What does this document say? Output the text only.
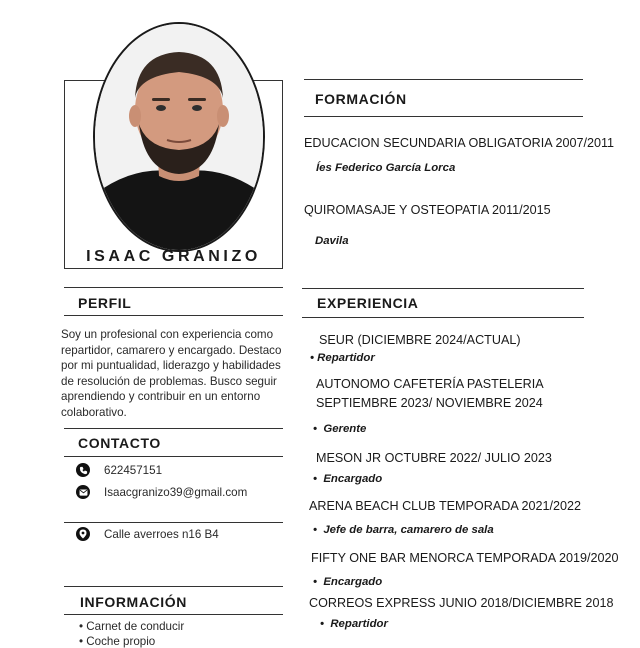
ISAAC GRANIZO
PERFIL
Soy un profesional con experiencia como repartidor, camarero y encargado. Destaco por mi puntualidad, liderazgo y habilidades de resolución de problemas. Busco seguir aprendiendo y contribuir en un entorno colaborativo.
CONTACTO
622457151
Isaacgranizo39@gmail.com
Calle averroes n16 B4
INFORMACIÓN
• Carnet de conducir
• Coche propio
FORMACIÓN
EDUCACION SECUNDARIA OBLIGATORIA 2007/2011
Íes Federico García Lorca
QUIROMASAJE Y OSTEOPATIA 2011/2015
Davila
EXPERIENCIA
SEUR (DICIEMBRE 2024/ACTUAL)
• Repartidor
AUTONOMO CAFETERÍA PASTELERIA
SEPTIEMBRE 2023/ NOVIEMBRE 2024
•  Gerente
MESON JR OCTUBRE 2022/ JULIO 2023
•  Encargado
ARENA BEACH CLUB TEMPORADA 2021/2022
•  Jefe de barra, camarero de sala
FIFTY ONE BAR MENORCA TEMPORADA 2019/2020
•  Encargado
CORREOS EXPRESS JUNIO 2018/DICIEMBRE 2018
•  Repartidor
